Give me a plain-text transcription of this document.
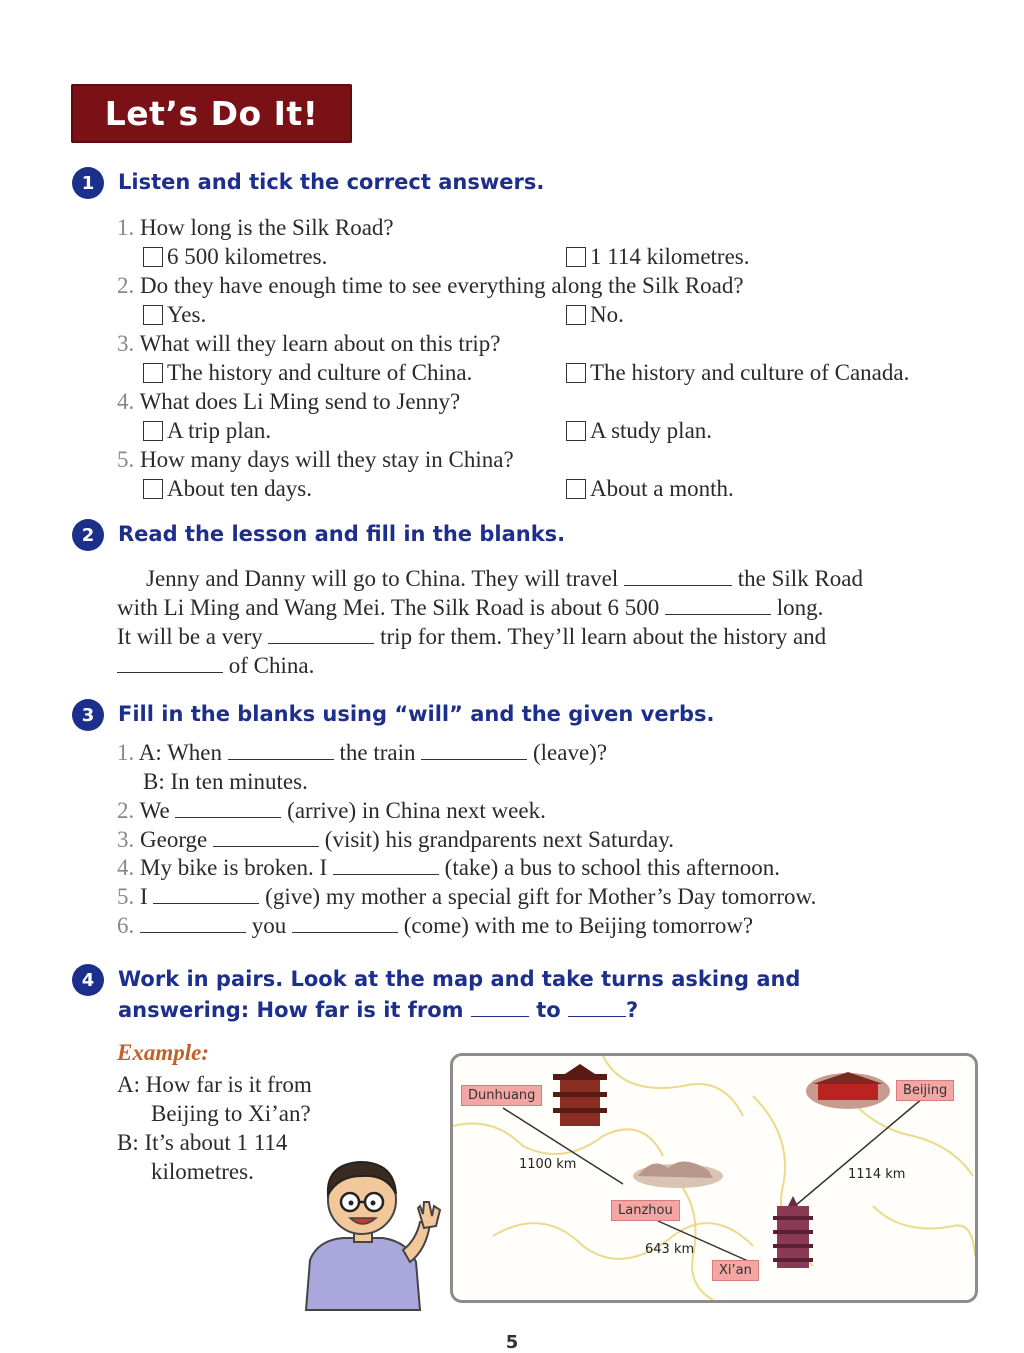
Let’s Do It!
1	Listen and tick the correct answers.
1. How long is the Silk Road?
6 500 kilometres.	1 114 kilometres.
2. Do they have enough time to see everything along the Silk Road?
Yes.	No.
3. What will they learn about on this trip?
The history and culture of China.	The history and culture of Canada.
4. What does Li Ming send to Jenny?
A trip plan.	A study plan.
5. How many days will they stay in China?
About ten days.	About a month.
2	Read the lesson and fill in the blanks.
Jenny and Danny will go to China. They will travel	the Silk Road
with Li Ming and Wang Mei. The Silk Road is about 6 500	long.
It will be a very	trip for them. They’ll learn about the history and
of China.
3	Fill in the blanks using “will” and the given verbs.
1. A: When	the train	(leave)?
B: In ten minutes.
2. We	(arrive) in China next week.
3. George	(visit) his grandparents next Saturday.
4. My bike is broken. I	(take) a bus to school this afternoon.
5. I	(give) my mother a special gift for Mother’s Day tomorrow.
6.	you	(come) with me to Beijing tomorrow?
4	Work in pairs. Look at the map and take turns asking and
answering: How far is it from	to	?
Example:
A: How far is it from
Beijing to Xi’an?
B: It’s about 1 114
kilometres.
Dunhuang	Beijing
Lanzhou
Xi’an
1100 km
1114 km
643 km
5
